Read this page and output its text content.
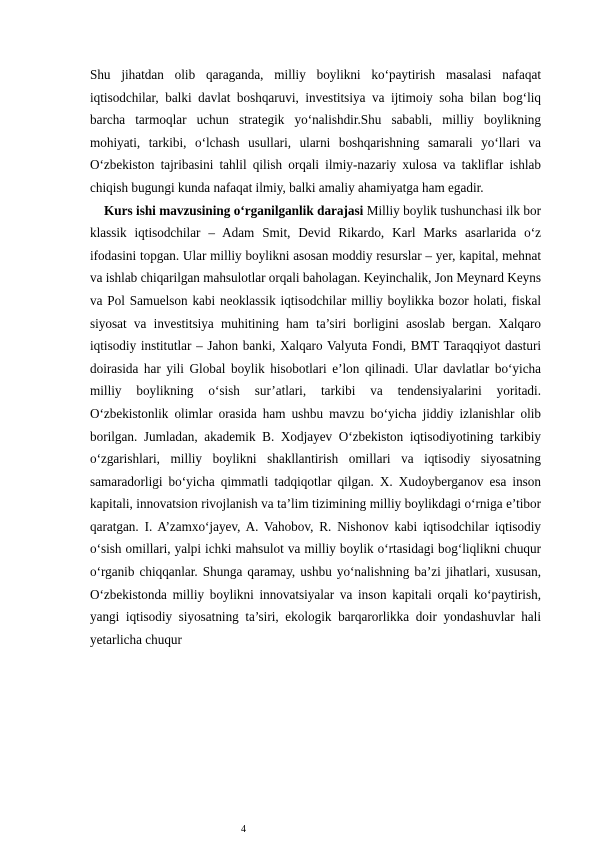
Shu jihatdan olib qaraganda, milliy boylikni ko‘paytirish masalasi nafaqat iqtisodchilar, balki davlat boshqaruvi, investitsiya va ijtimoiy soha bilan bog‘liq barcha tarmoqlar uchun strategik yo‘nalishdir.Shu sababli, milliy boylikning mohiyati, tarkibi, o‘lchash usullari, ularni boshqarishning samarali yo‘llari va O‘zbekiston tajribasini tahlil qilish orqali ilmiy-nazariy xulosa va takliflar ishlab chiqish bugungi kunda nafaqat ilmiy, balki amaliy ahamiyatga ham egadir.

Kurs ishi mavzusining o‘rganilganlik darajasi Milliy boylik tushunchasi ilk bor klassik iqtisodchilar – Adam Smit, Devid Rikardo, Karl Marks asarlarida o‘z ifodasini topgan. Ular milliy boylikni asosan moddiy resurslar – yer, kapital, mehnat va ishlab chiqarilgan mahsulotlar orqali baholagan. Keyinchalik, Jon Meynard Keyns va Pol Samuelson kabi neoklassik iqtisodchilar milliy boylikka bozor holati, fiskal siyosat va investitsiya muhitining ham ta’siri borligini asoslab bergan. Xalqaro iqtisodiy institutlar – Jahon banki, Xalqaro Valyuta Fondi, BMT Taraqqiyot dasturi doirasida har yili Global boylik hisobotlari e’lon qilinadi. Ular davlatlar bo‘yicha milliy boylikning o‘sish sur’atlari, tarkibi va tendensiyalarini yoritadi. O‘zbekistonlik olimlar orasida ham ushbu mavzu bo‘yicha jiddiy izlanishlar olib borilgan. Jumladan, akademik B. Xodjayev O‘zbekiston iqtisodiyotining tarkibiy o‘zgarishlari, milliy boylikni shakllantirish omillari va iqtisodiy siyosatning samaradorligi bo‘yicha qimmatli tadqiqotlar qilgan. X. Xudoyberganov esa inson kapitali, innovatsion rivojlanish va ta’lim tizimining milliy boylikdagi o‘rniga e’tibor qaratgan. I. A’zamxo‘jayev, A. Vahobov, R. Nishonov kabi iqtisodchilar iqtisodiy o‘sish omillari, yalpi ichki mahsulot va milliy boylik o‘rtasidagi bog‘liqlikni chuqur o‘rganib chiqqanlar. Shunga qaramay, ushbu yo‘nalishning ba’zi jihatlari, xususan, O‘zbekistonda milliy boylikni innovatsiyalar va inson kapitali orqali ko‘paytirish, yangi iqtisodiy siyosatning ta’siri, ekologik barqarorlikka doir yondashuvlar hali yetarlicha chuqur

4
